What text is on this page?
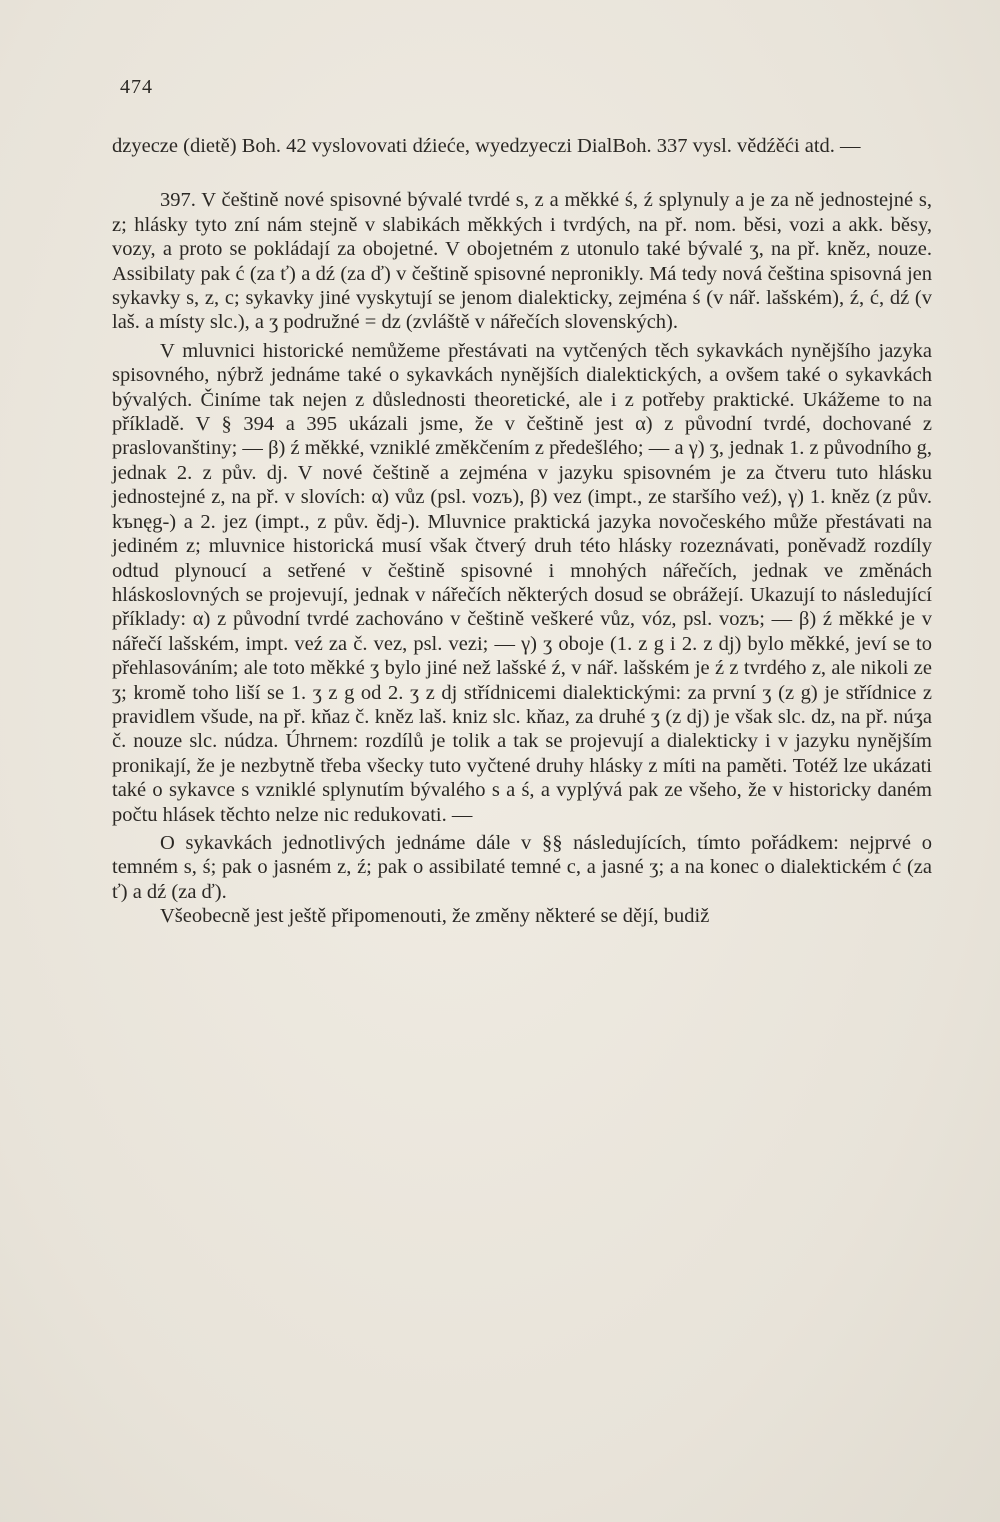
474

dzyecze (dietě) Boh. 42 vyslovovati dźieće, wyedzyeczi DialBoh. 337 vysl. vědźěći atd. —

397. V češtině nové spisovné bývalé tvrdé s, z a měkké ś, ź splynuly a je za ně jednostejné s, z; hlásky tyto zní nám stejně v slabikách měkkých i tvrdých, na př. nom. běsi, vozi a akk. běsy, vozy, a proto se pokládají za obojetné. V obojetném z utonulo také bývalé ʒ, na př. kněz, nouze. Assibilaty pak ć (za ť) a dź (za ď) v češtině spisovné nepronikly. Má tedy nová čeština spisovná jen sykavky s, z, c; sykavky jiné vyskytují se jenom dialekticky, zejména ś (v nář. lašském), ź, ć, dź (v laš. a místy slc.), a ʒ podružné = dz (zvláště v nářečích slovenských).

V mluvnici historické nemůžeme přestávati na vytčených těch sykavkách nynějšího jazyka spisovného, nýbrž jednáme také o sykavkách nynějších dialektických, a ovšem také o sykavkách bývalých. Činíme tak nejen z důslednosti theoretické, ale i z potřeby praktické. Ukážeme to na příkladě. V § 394 a 395 ukázali jsme, že v češtině jest α) z původní tvrdé, dochované z praslovanštiny; — β) ź měkké, vzniklé změkčením z předešlého; — a γ) ʒ, jednak 1. z původního g, jednak 2. z pův. dj. V nové češtině a zejména v jazyku spisovném je za čtveru tuto hlásku jednostejné z, na př. v slovích: α) vůz (psl. vozъ), β) vez (impt., ze staršího veź), γ) 1. kněz (z pův. kъnęg-) a 2. jez (impt., z pův. ědj-). Mluvnice praktická jazyka novočeského může přestávati na jediném z; mluvnice historická musí však čtverý druh této hlásky rozeznávati, poněvadž rozdíly odtud plynoucí a setřené v češtině spisovné i mnohých nářečích, jednak ve změnách hláskoslovných se projevují, jednak v nářečích některých dosud se obrážejí. Ukazují to následující příklady: α) z původní tvrdé zachováno v češtině veškeré vůz, vóz, psl. vozъ; — β) ź měkké je v nářečí lašském, impt. veź za č. vez, psl. vezi; — γ) ʒ oboje (1. z g i 2. z dj) bylo měkké, jeví se to přehlasováním; ale toto měkké ʒ bylo jiné než lašské ź, v nář. lašském je ź z tvrdého z, ale nikoli ze ʒ; kromě toho liší se 1. ʒ z g od 2. ʒ z dj střídnicemi dialektickými: za první ʒ (z g) je střídnice z pravidlem všude, na př. kňaz č. kněz laš. kniz slc. kňaz, za druhé ʒ (z dj) je však slc. dz, na př. núʒa č. nouze slc. núdza. Úhrnem: rozdílů je tolik a tak se projevují a dialekticky i v jazyku nynějším pronikají, že je nezbytně třeba všecky tuto vyčtené druhy hlásky z míti na paměti. Totéž lze ukázati také o sykavce s vzniklé splynutím bývalého s a ś, a vyplývá pak ze všeho, že v historicky daném počtu hlásek těchto nelze nic redukovati. —

O sykavkách jednotlivých jednáme dále v §§ následujících, tímto pořádkem: nejprvé o temném s, ś; pak o jasném z, ź; pak o assibilaté temné c, a jasné ʒ; a na konec o dialektickém ć (za ť) a dź (za ď).

Všeobecně jest ještě připomenouti, že změny některé se dějí, budiž
